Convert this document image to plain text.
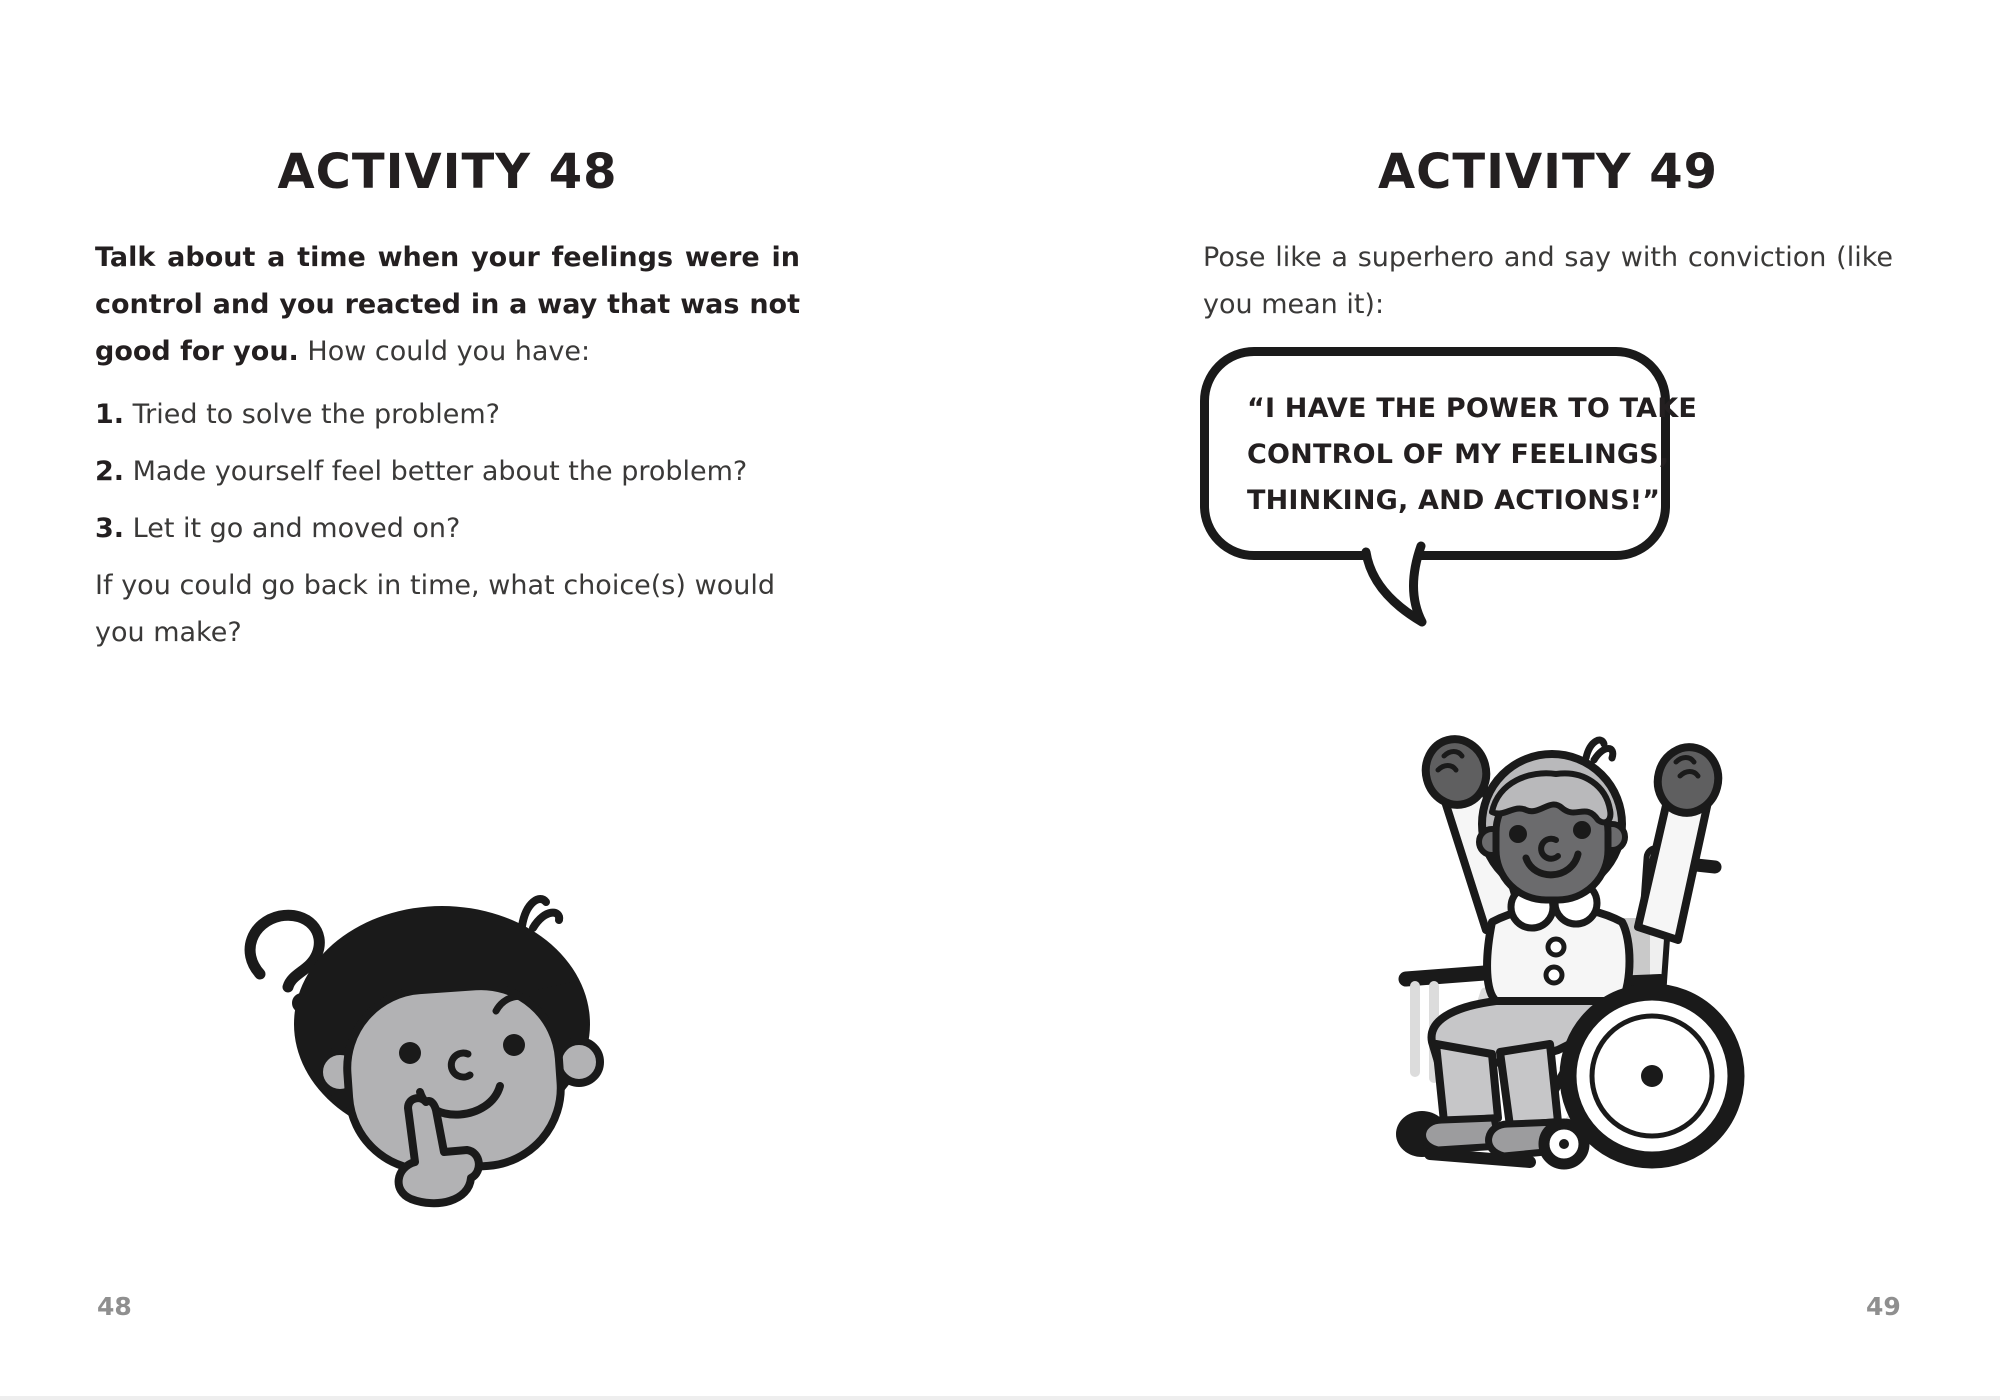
ACTIVITY 48

Talk about a time when your feelings were in control and you reacted in a way that was not good for you. How could you have:

1. Tried to solve the problem?
2. Made yourself feel better about the problem?
3. Let it go and moved on?

If you could go back in time, what choice(s) would you make?

48
ACTIVITY 49

Pose like a superhero and say with conviction (like you mean it):

“I HAVE THE POWER TO TAKE
CONTROL OF MY FEELINGS,
THINKING, AND ACTIONS!”
49
